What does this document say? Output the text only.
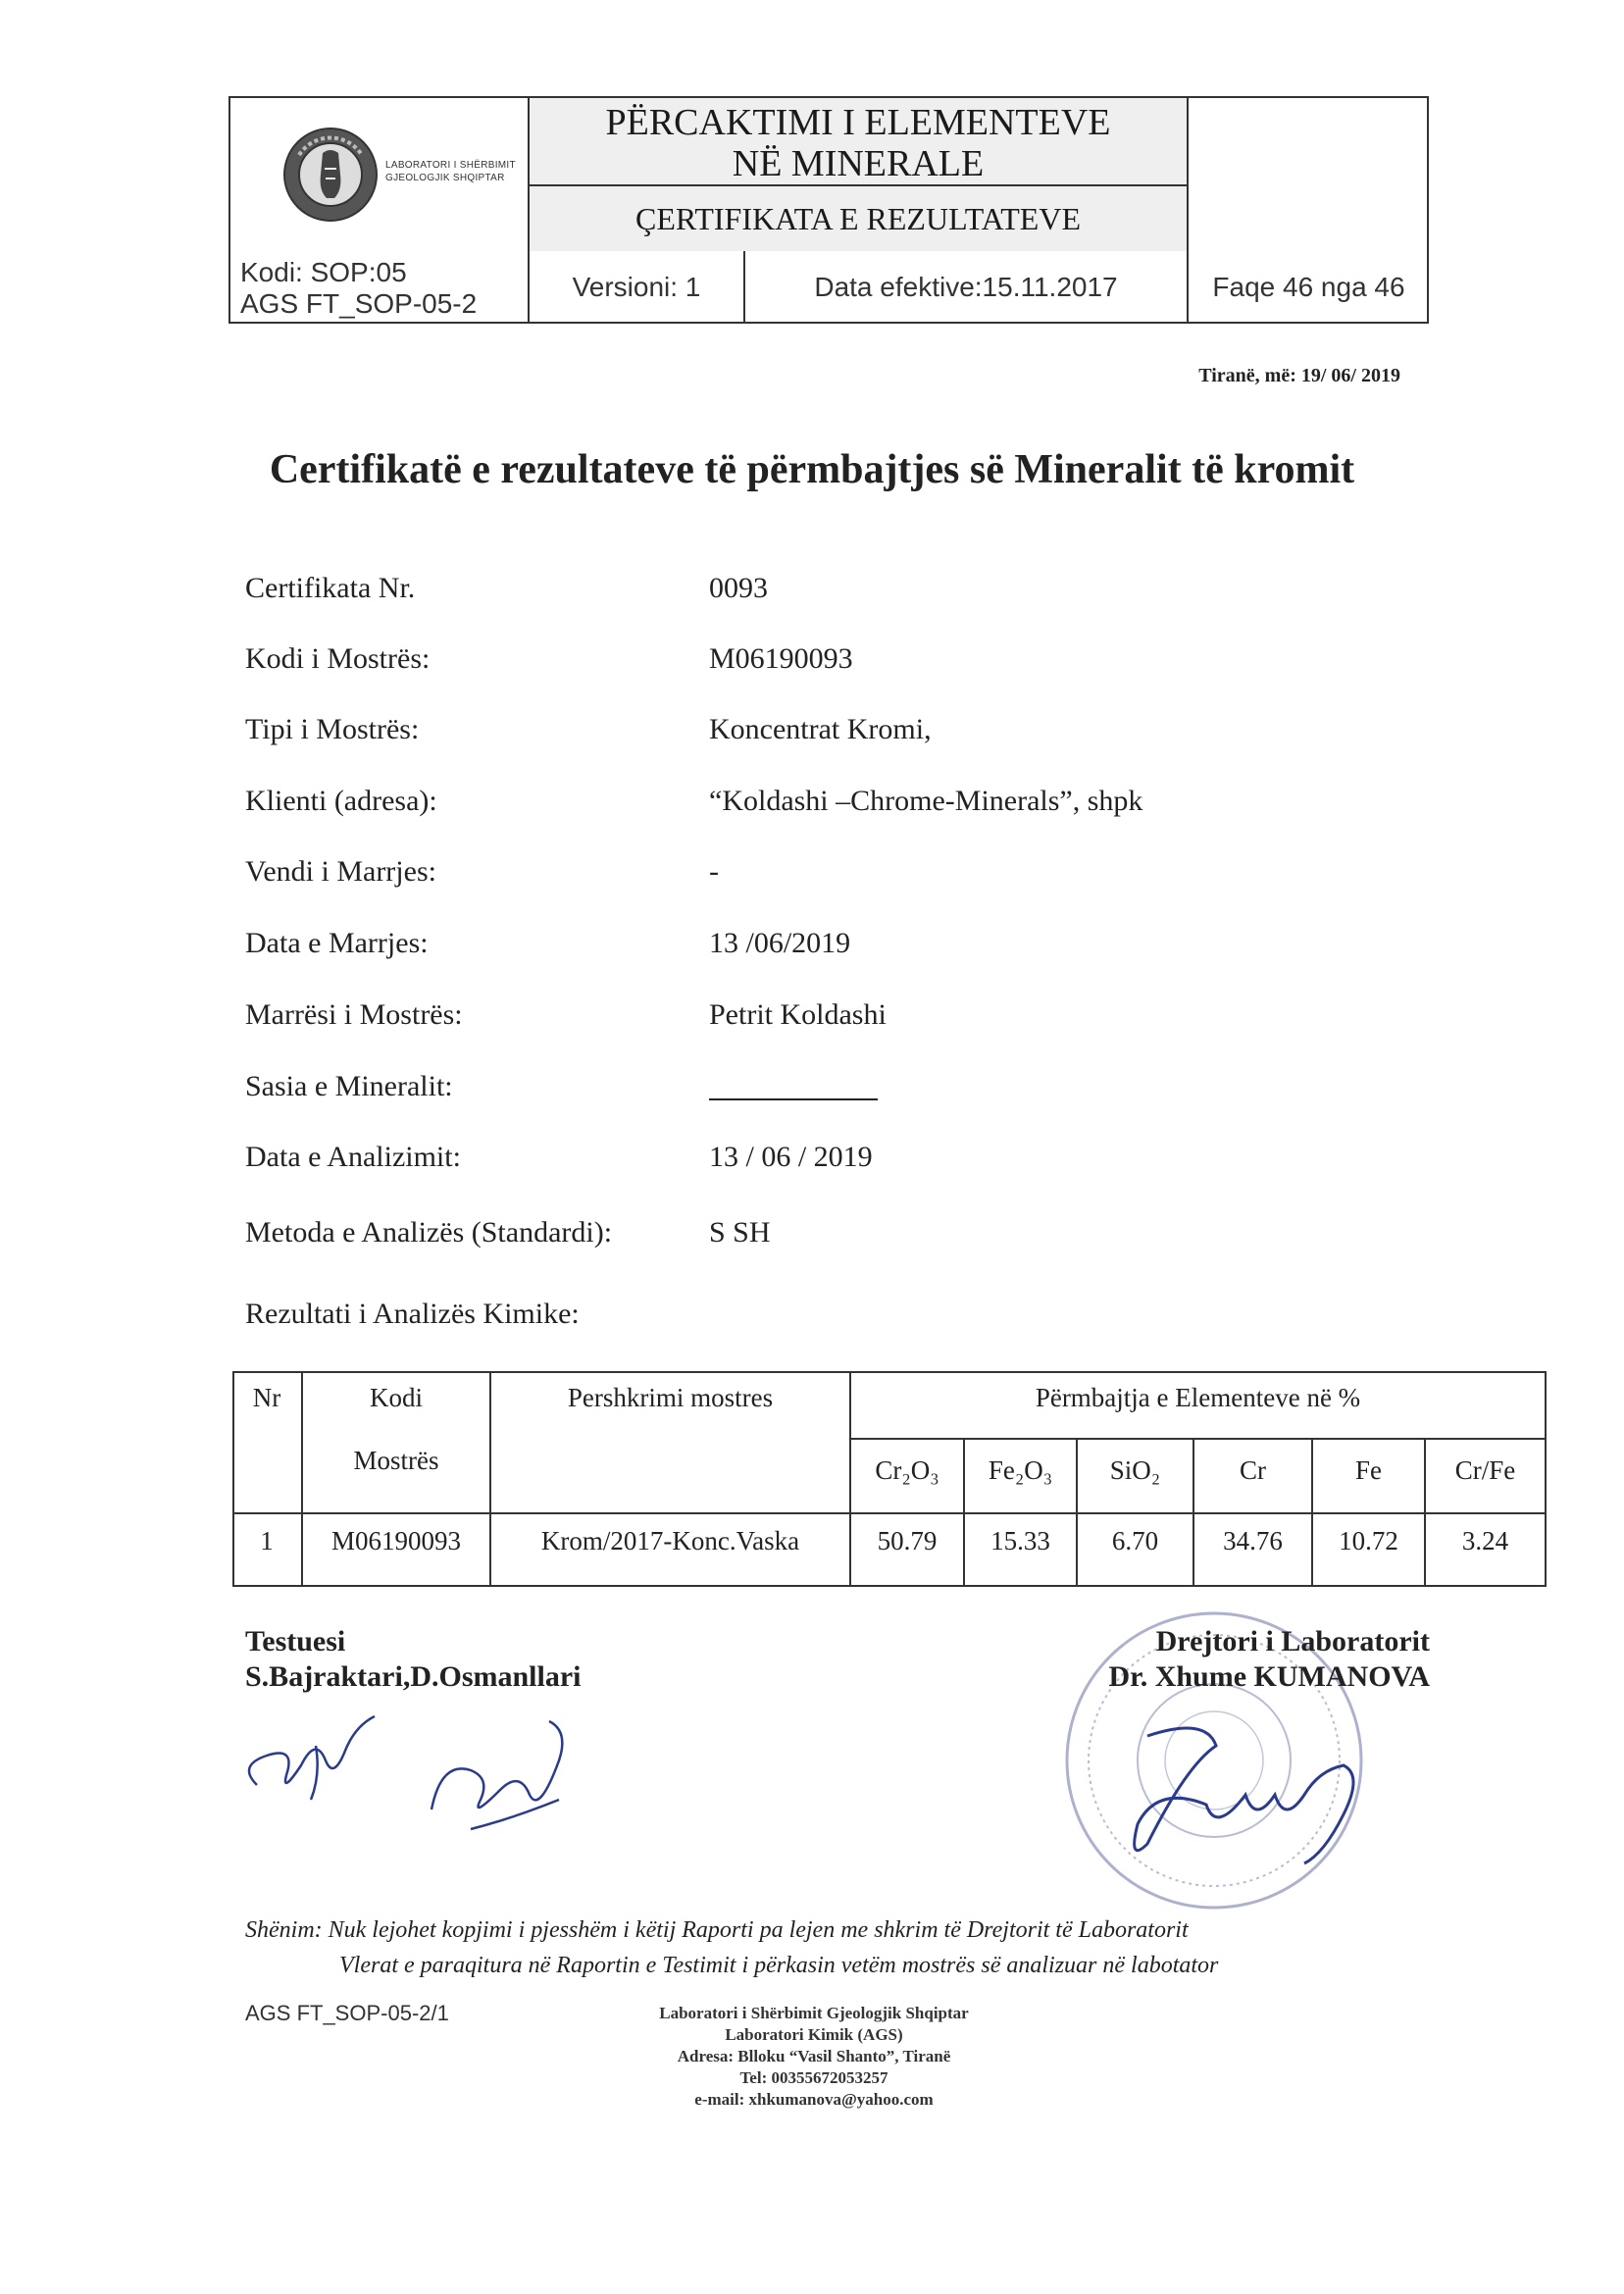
LABORATORI I SHËRBIMIT
GJEOLOGJIK SHQIPTAR
PËRCAKTIMI I ELEMENTEVE
NË MINERALE
ÇERTIFIKATA E REZULTATEVE
Kodi: SOP:05
AGS FT_SOP-05-2
Versioni: 1	Data efektive:15.11.2017	Faqe 46 nga 46
Tiranë, më: 19/ 06/ 2019
Certifikatë e rezultateve të përmbajtjes së Mineralit të kromit
Certifikata Nr.	0093
Kodi i Mostrës:	M06190093
Tipi i Mostrës:	Koncentrat Kromi,
Klienti (adresa):	“Koldashi –Chrome-Minerals”, shpk
Vendi i Marrjes:	-
Data e Marrjes:	13 /06/2019
Marrësi i Mostrës:	Petrit Koldashi
Sasia e Mineralit:
Data e Analizimit:	13 / 06 / 2019
Metoda e Analizës (Standardi):	S SH
Rezultati i Analizës Kimike:
Nr	Kodi
Mostrës
Pershkrimi mostres	Përmbajtja e Elementeve në %
Cr₂O₃	Fe₂O₃	SiO₂	Cr	Fe	Cr/Fe
1	M06190093	Krom/2017-Konc.Vaska	50.79	15.33	6.70	34.76	10.72	3.24
Testuesi
S.Bajraktari,D.Osmanllari
Drejtori i Laboratorit
Dr. Xhume KUMANOVA
Shënim: Nuk lejohet kopjimi i pjesshëm i këtij Raporti pa lejen me shkrim të Drejtorit të Laboratorit
Vlerat e paraqitura në Raportin e Testimit i përkasin vetëm mostrës së analizuar në labotator
AGS FT_SOP-05-2/1	Laboratori i Shërbimit Gjeologjik Shqiptar
Laboratori Kimik (AGS)
Adresa: Blloku “Vasil Shanto”, Tiranë
Tel: 00355672053257
e-mail: xhkumanova@yahoo.com
